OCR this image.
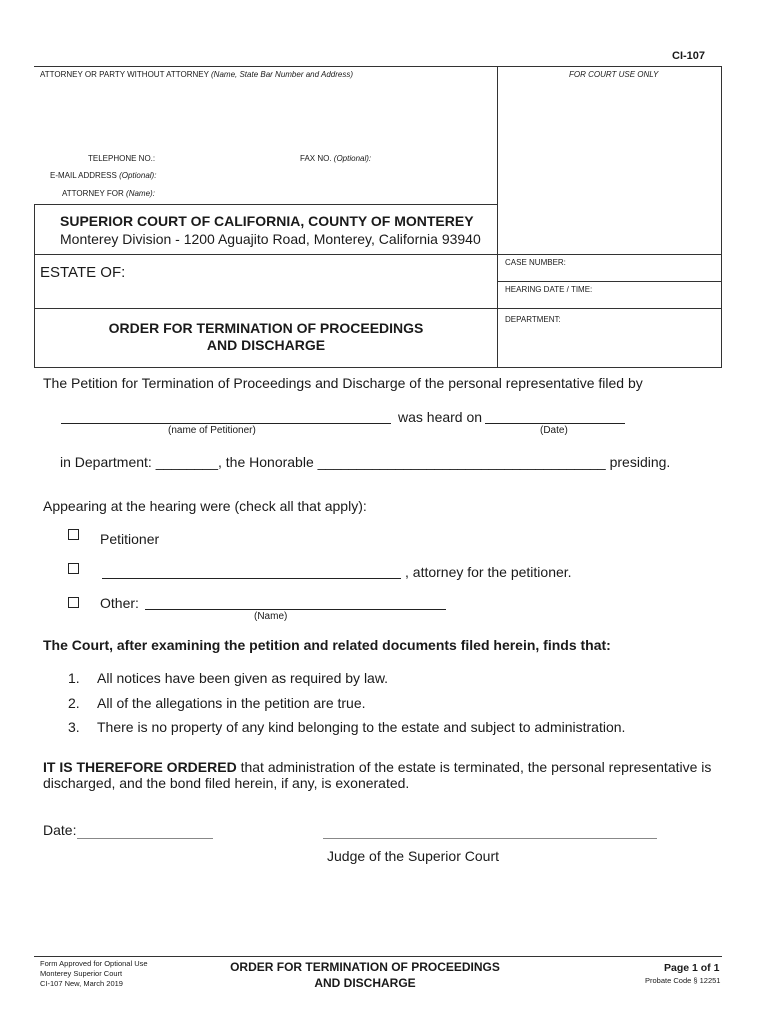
CI-107
ATTORNEY OR PARTY WITHOUT ATTORNEY (Name, State Bar Number and Address)	FOR COURT USE ONLY
TELEPHONE NO.:	FAX NO. (Optional):
E-MAIL ADDRESS (Optional):
ATTORNEY FOR (Name):
SUPERIOR COURT OF CALIFORNIA, COUNTY OF MONTEREY
Monterey Division - 1200 Aguajito Road, Monterey, California 93940
ESTATE OF:
CASE NUMBER:
HEARING DATE / TIME:
DEPARTMENT:
ORDER FOR TERMINATION OF PROCEEDINGS
AND DISCHARGE
The Petition for Termination of Proceedings and Discharge of the personal representative filed by
was heard on
(name of Petitioner)	(Date)
in Department: ________, the Honorable _____________________________________ presiding.
Appearing at the hearing were (check all that apply):
Petitioner
, attorney for the petitioner.
Other:
(Name)
The Court, after examining the petition and related documents filed herein, finds that:
1. All notices have been given as required by law.
2. All of the allegations in the petition are true.
3. There is no property of any kind belonging to the estate and subject to administration.
IT IS THEREFORE ORDERED that administration of the estate is terminated, the personal representative is
discharged, and the bond filed herein, if any, is exonerated.
Date:
Judge of the Superior Court
Form Approved for Optional Use
Monterey Superior Court
CI-107 New, March 2019
ORDER FOR TERMINATION OF PROCEEDINGS
AND DISCHARGE
Page 1 of 1
Probate Code § 12251
